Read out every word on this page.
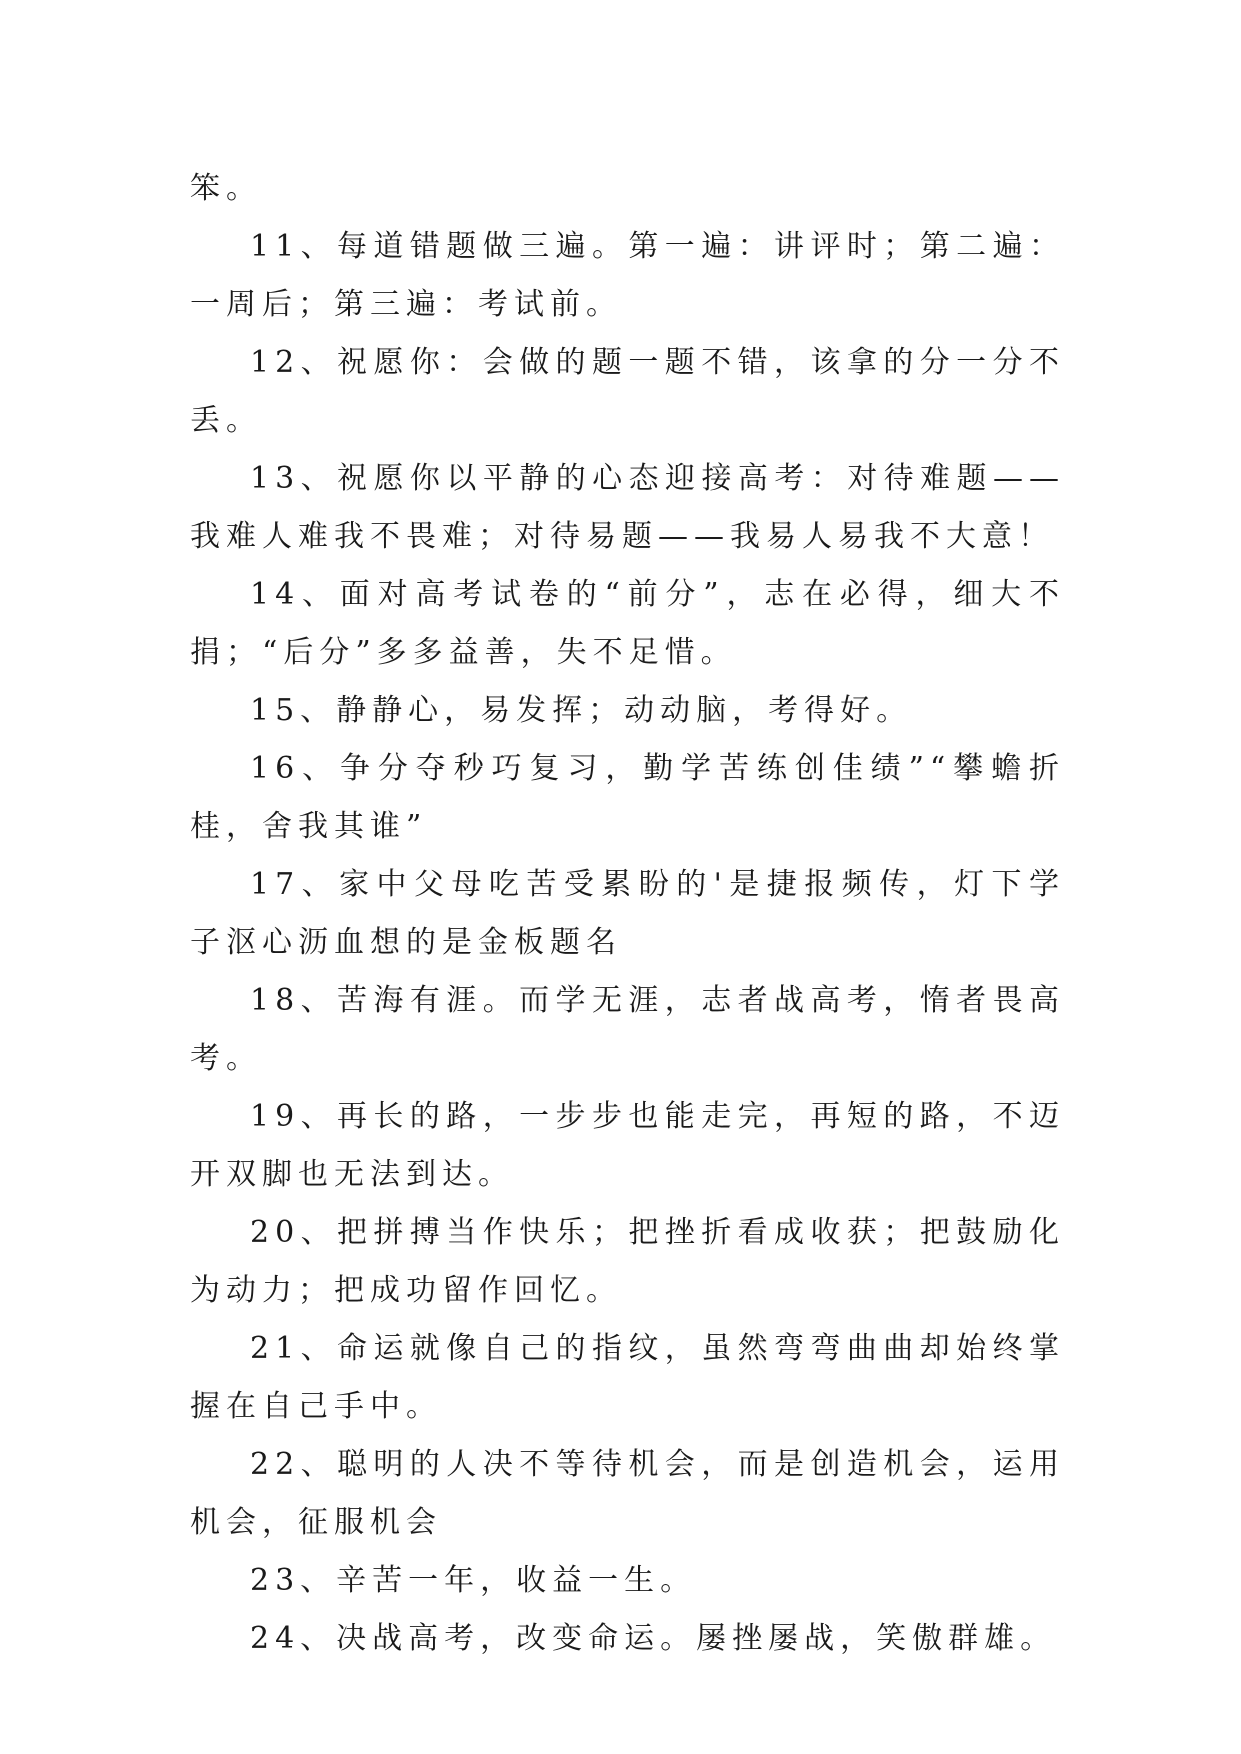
笨。

11、每道错题做三遍。第一遍：讲评时；第二遍：一周后；第三遍：考试前。

12、祝愿你：会做的题一题不错，该拿的分一分不丢。

13、祝愿你以平静的心态迎接高考：对待难题——我难人难我不畏难；对待易题——我易人易我不大意！

14、面对高考试卷的“前分”，志在必得，细大不捐；“后分”多多益善，失不足惜。

15、静静心，易发挥；动动脑，考得好。

16、争分夺秒巧复习，勤学苦练创佳绩”“攀蟾折桂，舍我其谁”

17、家中父母吃苦受累盼的'是捷报频传，灯下学子沤心沥血想的是金板题名

18、苦海有涯。而学无涯，志者战高考，惰者畏高考。

19、再长的路，一步步也能走完，再短的路，不迈开双脚也无法到达。

20、把拼搏当作快乐；把挫折看成收获；把鼓励化为动力；把成功留作回忆。

21、命运就像自己的指纹，虽然弯弯曲曲却始终掌握在自己手中。

22、聪明的人决不等待机会，而是创造机会，运用机会，征服机会

23、辛苦一年，收益一生。

24、决战高考，改变命运。屡挫屡战，笑傲群雄。
